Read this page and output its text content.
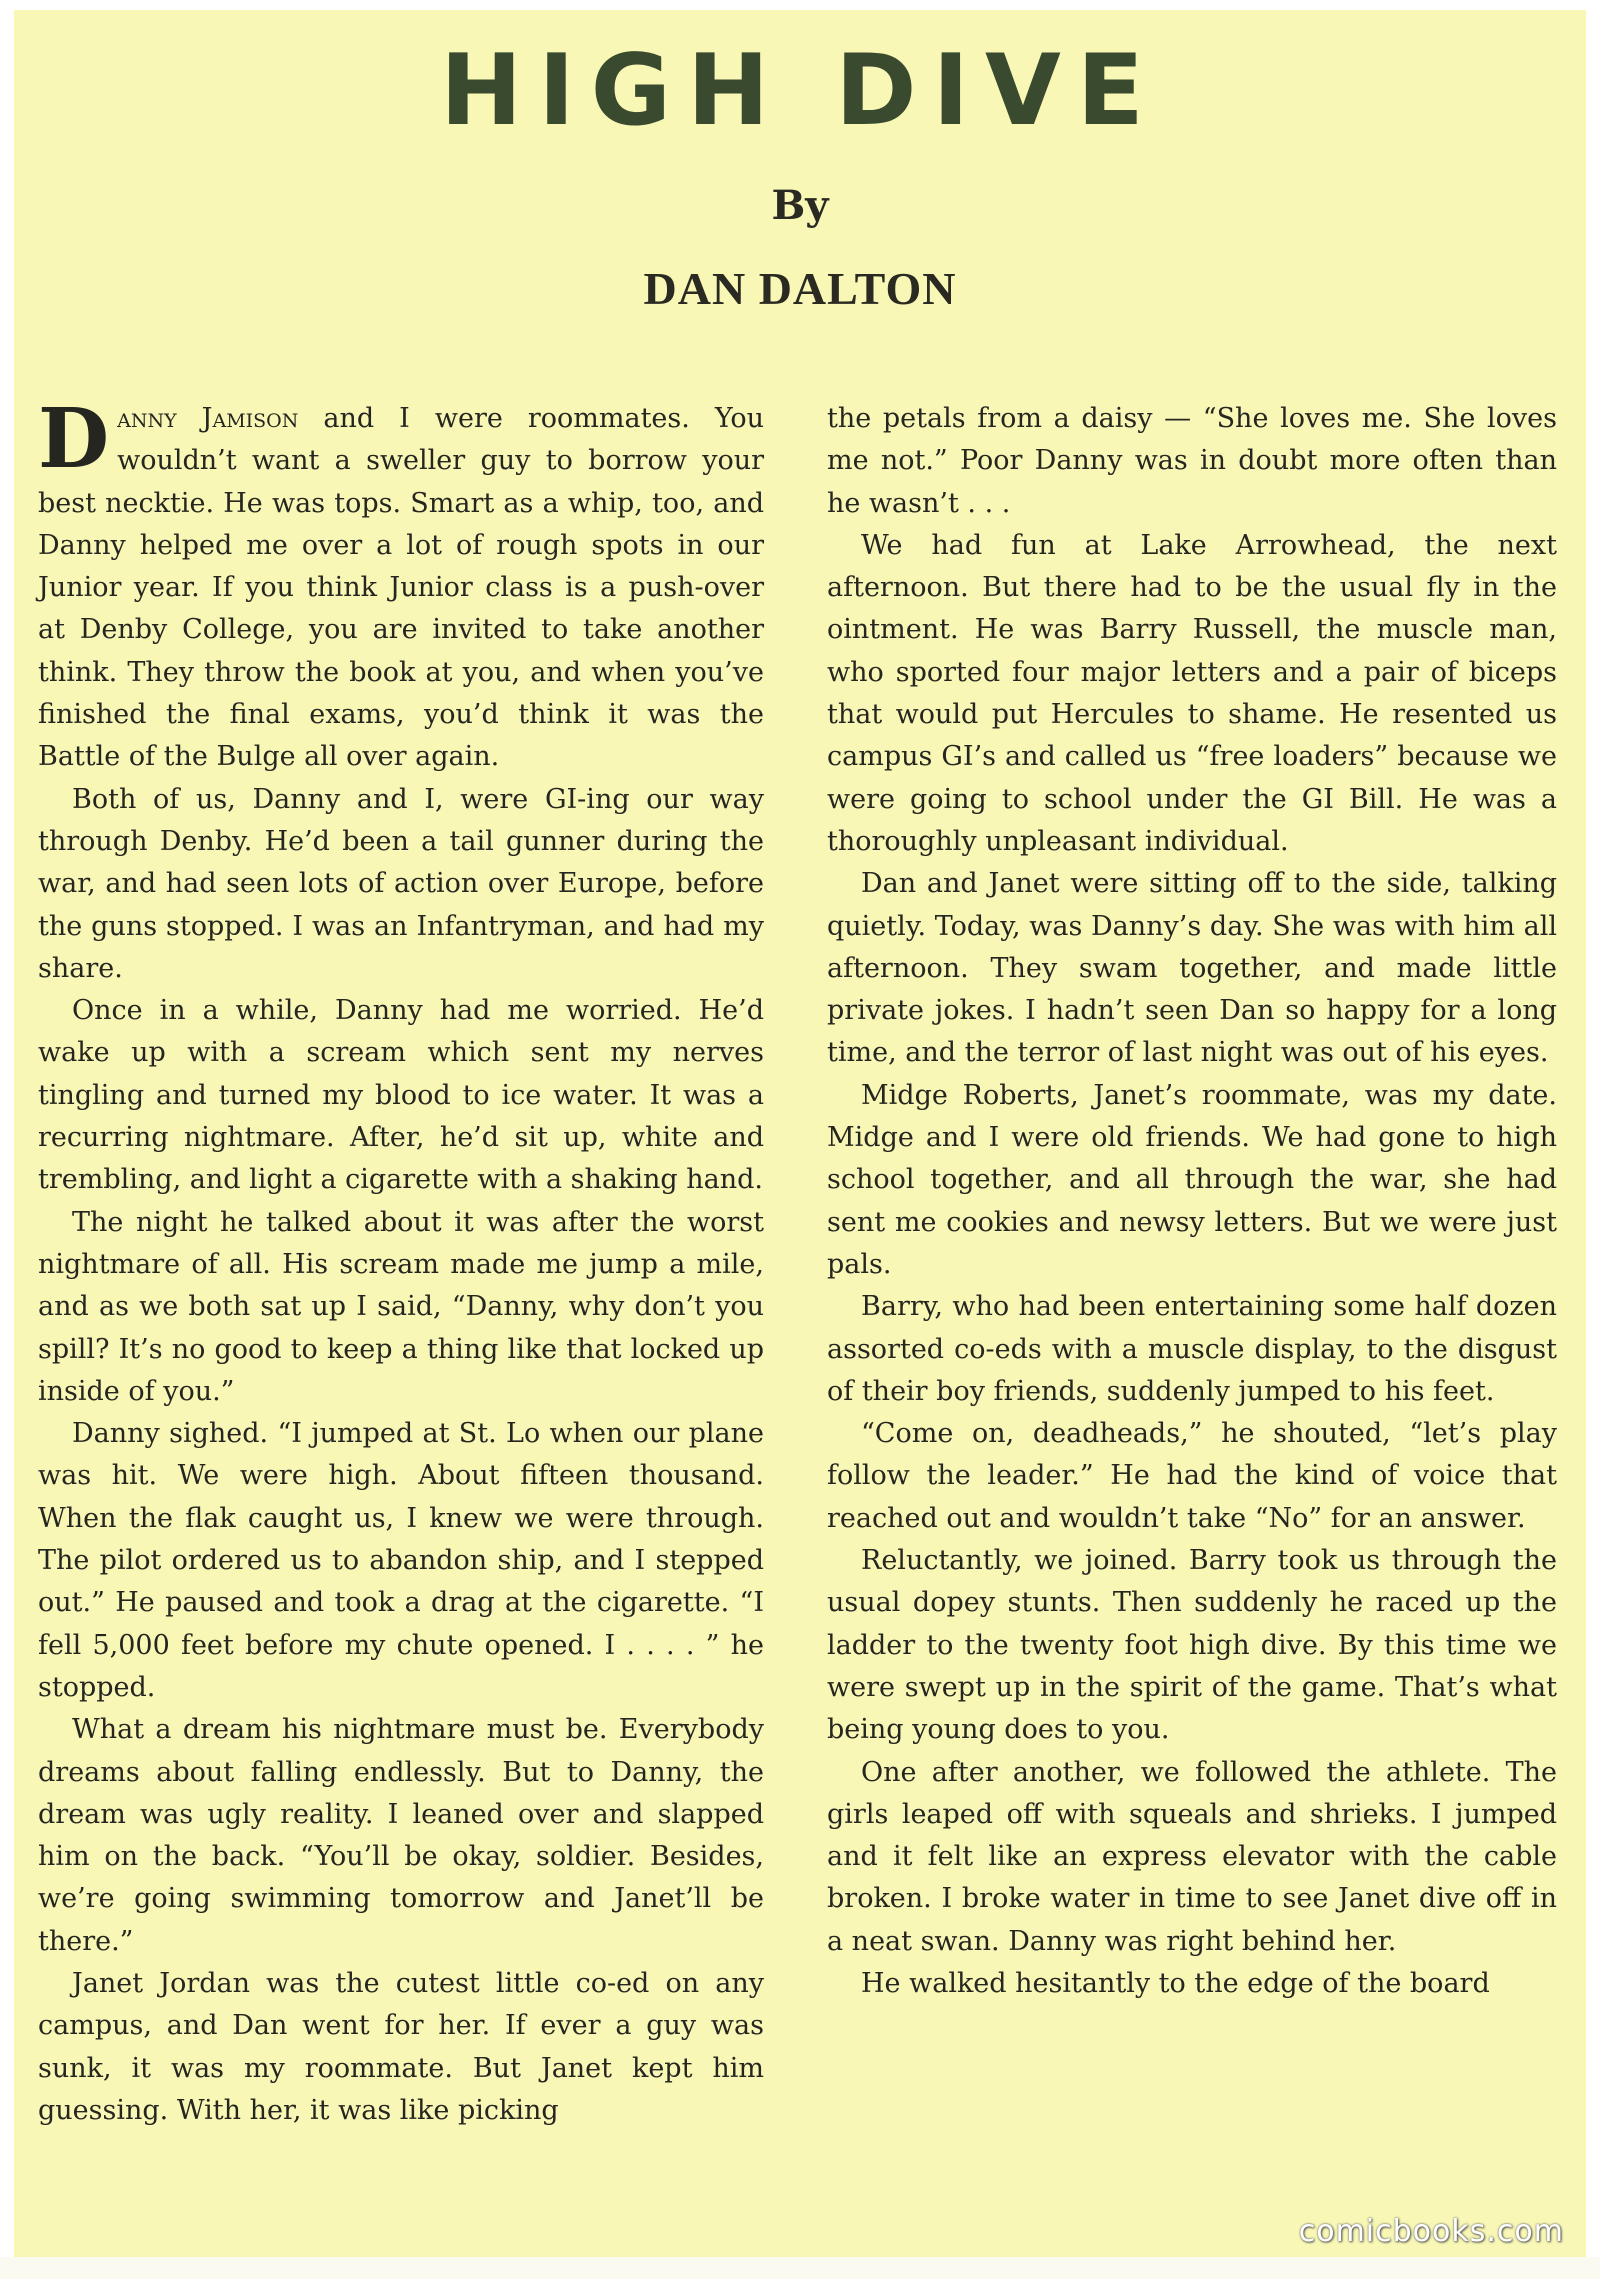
HIGH DIVE
By
DAN DALTON

Danny Jamison and I were roommates. You wouldn’t want a sweller guy to borrow your best necktie. He was tops. Smart as a whip, too, and Danny helped me over a lot of rough spots in our Junior year. If you think Junior class is a push-over at Denby College, you are invited to take another think. They throw the book at you, and when you’ve finished the final exams, you’d think it was the Battle of the Bulge all over again.

Both of us, Danny and I, were GI-ing our way through Denby. He’d been a tail gunner during the war, and had seen lots of action over Europe, before the guns stopped. I was an Infantryman, and had my share.

Once in a while, Danny had me worried. He’d wake up with a scream which sent my nerves tingling and turned my blood to ice water. It was a recurring nightmare. After, he’d sit up, white and trembling, and light a cigarette with a shaking hand.

The night he talked about it was after the worst nightmare of all. His scream made me jump a mile, and as we both sat up I said, “Danny, why don’t you spill? It’s no good to keep a thing like that locked up inside of you.”

Danny sighed. “I jumped at St. Lo when our plane was hit. We were high. About fifteen thousand. When the flak caught us, I knew we were through. The pilot ordered us to abandon ship, and I stepped out.” He paused and took a drag at the cigarette. “I fell 5,000 feet before my chute opened. I . . . . ” he stopped.

What a dream his nightmare must be. Everybody dreams about falling endlessly. But to Danny, the dream was ugly reality. I leaned over and slapped him on the back. “You’ll be okay, soldier. Besides, we’re going swimming tomorrow and Janet’ll be there.”

Janet Jordan was the cutest little co-ed on any campus, and Dan went for her. If ever a guy was sunk, it was my roommate. But Janet kept him guessing. With her, it was like picking

the petals from a daisy — “She loves me. She loves me not.” Poor Danny was in doubt more often than he wasn’t . . .

We had fun at Lake Arrowhead, the next afternoon. But there had to be the usual fly in the ointment. He was Barry Russell, the muscle man, who sported four major letters and a pair of biceps that would put Hercules to shame. He resented us campus GI’s and called us “free loaders” because we were going to school under the GI Bill. He was a thoroughly unpleasant individual.

Dan and Janet were sitting off to the side, talking quietly. Today, was Danny’s day. She was with him all afternoon. They swam together, and made little private jokes. I hadn’t seen Dan so happy for a long time, and the terror of last night was out of his eyes.

Midge Roberts, Janet’s roommate, was my date. Midge and I were old friends. We had gone to high school together, and all through the war, she had sent me cookies and newsy letters. But we were just pals.

Barry, who had been entertaining some half dozen assorted co-eds with a muscle display, to the disgust of their boy friends, suddenly jumped to his feet.

“Come on, deadheads,” he shouted, “let’s play follow the leader.” He had the kind of voice that reached out and wouldn’t take “No” for an answer.

Reluctantly, we joined. Barry took us through the usual dopey stunts. Then suddenly he raced up the ladder to the twenty foot high dive. By this time we were swept up in the spirit of the game. That’s what being young does to you.

One after another, we followed the athlete. The girls leaped off with squeals and shrieks. I jumped and it felt like an express elevator with the cable broken. I broke water in time to see Janet dive off in a neat swan. Danny was right behind her.

He walked hesitantly to the edge of the board

comicbooks.com
